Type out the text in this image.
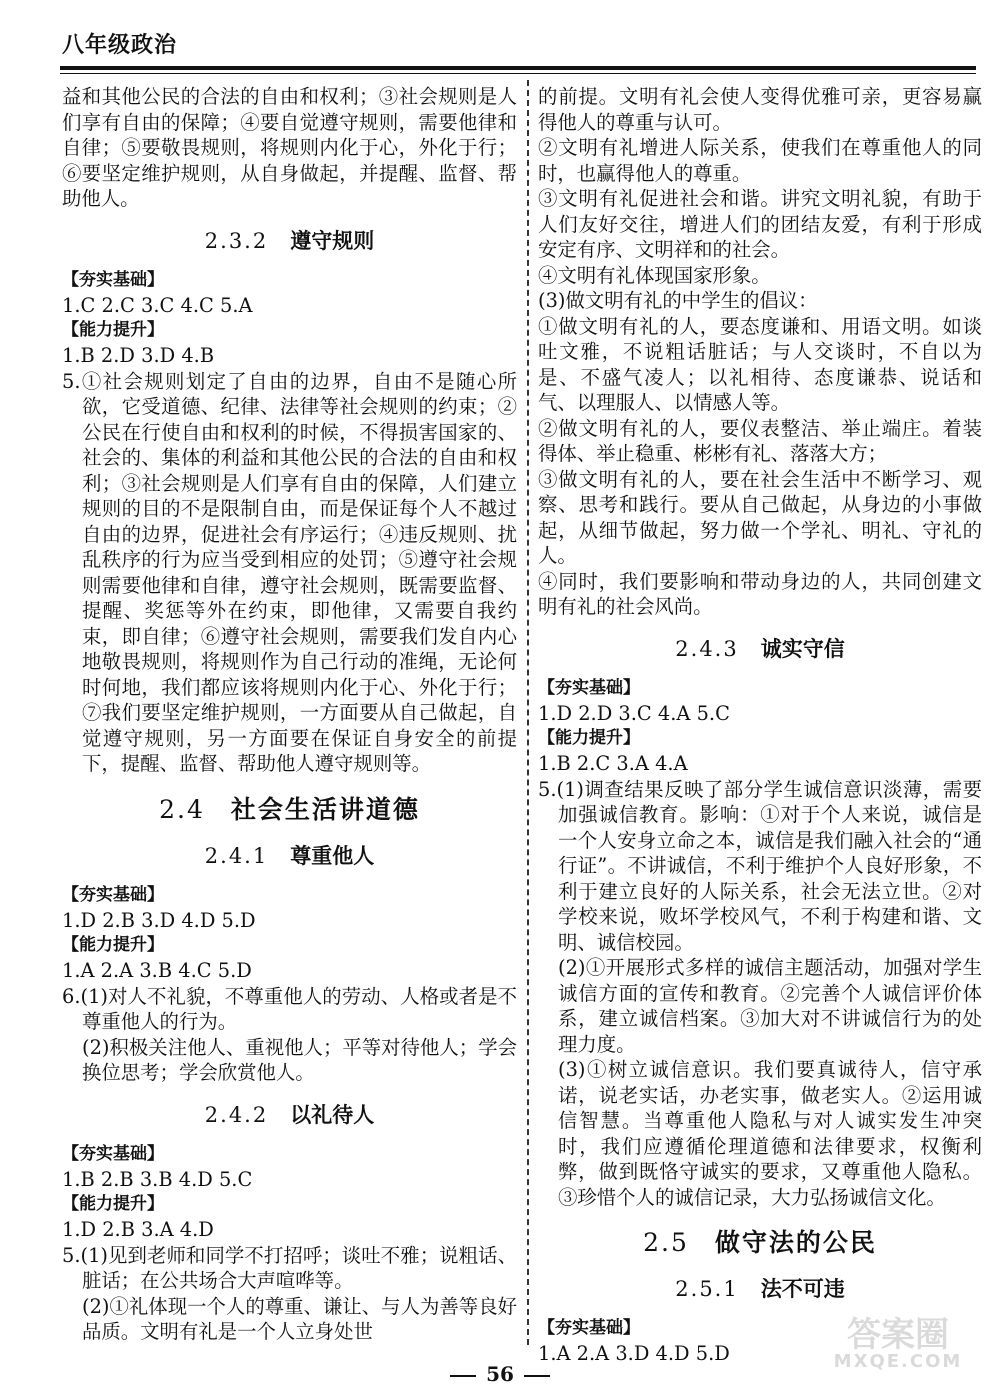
八年级政治

益和其他公民的合法的自由和权利；③社会规则是人们享有自由的保障；④要自觉遵守规则，需要他律和自律；⑤要敬畏规则，将规则内化于心，外化于行；⑥要坚定维护规则，从自身做起，并提醒、监督、帮助他人。

2.3.2 遵守规则

【夯实基础】

1.C 2.C 3.C 4.C 5.A

【能力提升】

1.B 2.D 3.D 4.B

5.①社会规则划定了自由的边界，自由不是随心所欲，它受道德、纪律、法律等社会规则的约束；②公民在行使自由和权利的时候，不得损害国家的、社会的、集体的利益和其他公民的合法的自由和权利；③社会规则是人们享有自由的保障，人们建立规则的目的不是限制自由，而是保证每个人不越过自由的边界，促进社会有序运行；④违反规则、扰乱秩序的行为应当受到相应的处罚；⑤遵守社会规则需要他律和自律，遵守社会规则，既需要监督、提醒、奖惩等外在约束，即他律，又需要自我约束，即自律；⑥遵守社会规则，需要我们发自内心地敬畏规则，将规则作为自己行动的准绳，无论何时何地，我们都应该将规则内化于心、外化于行；⑦我们要坚定维护规则，一方面要从自己做起，自觉遵守规则，另一方面要在保证自身安全的前提下，提醒、监督、帮助他人遵守规则等。

2.4 社会生活讲道德
2.4.1 尊重他人

【夯实基础】

1.D 2.B 3.D 4.D 5.D

【能力提升】

1.A 2.A 3.B 4.C 5.D

6.(1)对人不礼貌，不尊重他人的劳动、人格或者是不尊重他人的行为。

(2)积极关注他人、重视他人；平等对待他人；学会换位思考；学会欣赏他人。

2.4.2 以礼待人

【夯实基础】

1.B 2.B 3.B 4.D 5.C

【能力提升】

1.D 2.B 3.A 4.D

5.(1)见到老师和同学不打招呼；谈吐不雅；说粗话、脏话；在公共场合大声喧哗等。

(2)①礼体现一个人的尊重、谦让、与人为善等良好品质。文明有礼是一个人立身处世

的前提。文明有礼会使人变得优雅可亲，更容易赢得他人的尊重与认可。

②文明有礼增进人际关系，使我们在尊重他人的同时，也赢得他人的尊重。

③文明有礼促进社会和谐。讲究文明礼貌，有助于人们友好交往，增进人们的团结友爱，有利于形成安定有序、文明祥和的社会。

④文明有礼体现国家形象。

(3)做文明有礼的中学生的倡议：

①做文明有礼的人，要态度谦和、用语文明。如谈吐文雅，不说粗话脏话；与人交谈时，不自以为是、不盛气凌人；以礼相待、态度谦恭、说话和气、以理服人、以情感人等。

②做文明有礼的人，要仪表整洁、举止端庄。着装得体、举止稳重、彬彬有礼、落落大方；

③做文明有礼的人，要在社会生活中不断学习、观察、思考和践行。要从自己做起，从身边的小事做起，从细节做起，努力做一个学礼、明礼、守礼的人。

④同时，我们要影响和带动身边的人，共同创建文明有礼的社会风尚。

2.4.3 诚实守信

【夯实基础】

1.D 2.D 3.C 4.A 5.C

【能力提升】

1.B 2.C 3.A 4.A

5.(1)调查结果反映了部分学生诚信意识淡薄，需要加强诚信教育。影响：①对于个人来说，诚信是一个人安身立命之本，诚信是我们融入社会的“通行证”。不讲诚信，不利于维护个人良好形象，不利于建立良好的人际关系，社会无法立世。②对学校来说，败坏学校风气，不利于构建和谐、文明、诚信校园。

(2)①开展形式多样的诚信主题活动，加强对学生诚信方面的宣传和教育。②完善个人诚信评价体系，建立诚信档案。③加大对不讲诚信行为的处理力度。

(3)①树立诚信意识。我们要真诚待人，信守承诺，说老实话，办老实事，做老实人。②运用诚信智慧。当尊重他人隐私与对人诚实发生冲突时，我们应遵循伦理道德和法律要求，权衡利弊，做到既恪守诚实的要求，又尊重他人隐私。③珍惜个人的诚信记录，大力弘扬诚信文化。

2.5 做守法的公民
2.5.1 法不可违

【夯实基础】

1.A 2.A 3.D 4.D 5.D

56
答案圈
MXQE.COM
